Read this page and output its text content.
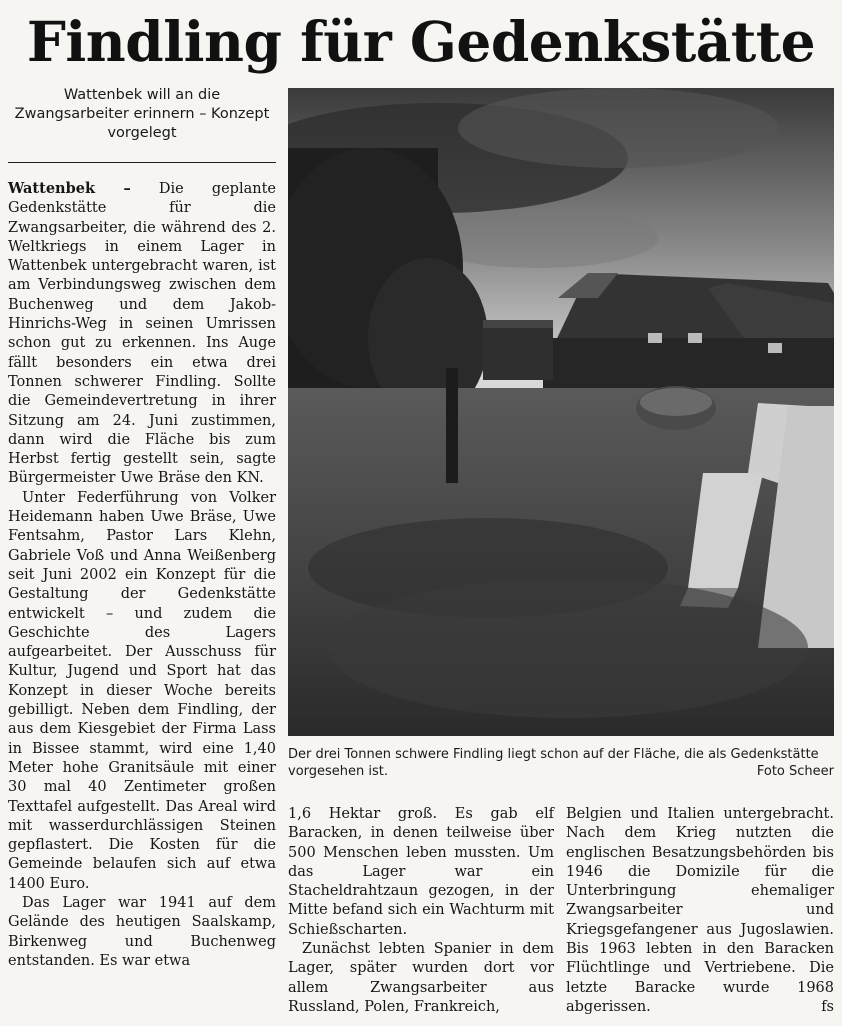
Findling für Gedenkstätte
Wattenbek will an die Zwangsarbeiter erinnern – Konzept vorgelegt

Wattenbek – Die geplante Gedenkstätte für die Zwangsarbeiter, die während des 2. Weltkriegs in einem Lager in Wattenbek untergebracht waren, ist am Verbindungsweg zwischen dem Buchenweg und dem Jakob-Hinrichs-Weg in seinen Umrissen schon gut zu erkennen. Ins Auge fällt besonders ein etwa drei Tonnen schwerer Findling. Sollte die Gemeindevertretung in ihrer Sitzung am 24. Juni zustimmen, dann wird die Fläche bis zum Herbst fertig gestellt sein, sagte Bürgermeister Uwe Bräse den KN.

Unter Federführung von Volker Heidemann haben Uwe Bräse, Uwe Fentsahm, Pastor Lars Klehn, Gabriele Voß und Anna Weißenberg seit Juni 2002 ein Konzept für die Gestaltung der Gedenkstätte entwickelt – und zudem die Geschichte des Lagers aufgearbeitet. Der Ausschuss für Kultur, Jugend und Sport hat das Konzept in dieser Woche bereits gebilligt. Neben dem Findling, der aus dem Kiesgebiet der Firma Lass in Bissee stammt, wird eine 1,40 Meter hohe Granitsäule mit einer 30 mal 40 Zentimeter großen Texttafel aufgestellt. Das Areal wird mit wasserdurchlässigen Steinen gepflastert. Die Kosten für die Gemeinde belaufen sich auf etwa 1400 Euro.

Das Lager war 1941 auf dem Gelände des heutigen Saalskamp, Birkenweg und Buchenweg entstanden. Es war etwa

Der drei Tonnen schwere Findling liegt schon auf der Fläche, die als Gedenkstätte vorgesehen ist.	Foto Scheer

1,6 Hektar groß. Es gab elf Baracken, in denen teilweise über 500 Menschen leben mussten. Um das Lager war ein Stacheldrahtzaun gezogen, in der Mitte befand sich ein Wachturm mit Schießscharten.

Zunächst lebten Spanier in dem Lager, später wurden dort vor allem Zwangsarbeiter aus Russland, Polen, Frankreich,

Belgien und Italien untergebracht. Nach dem Krieg nutzten die englischen Besatzungsbehörden bis 1946 die Domizile für die Unterbringung ehemaliger Zwangsarbeiter und Kriegsgefangener aus Jugoslawien. Bis 1963 lebten in den Baracken Flüchtlinge und Vertriebene. Die letzte Baracke wurde 1968 abgerissen.	fs
